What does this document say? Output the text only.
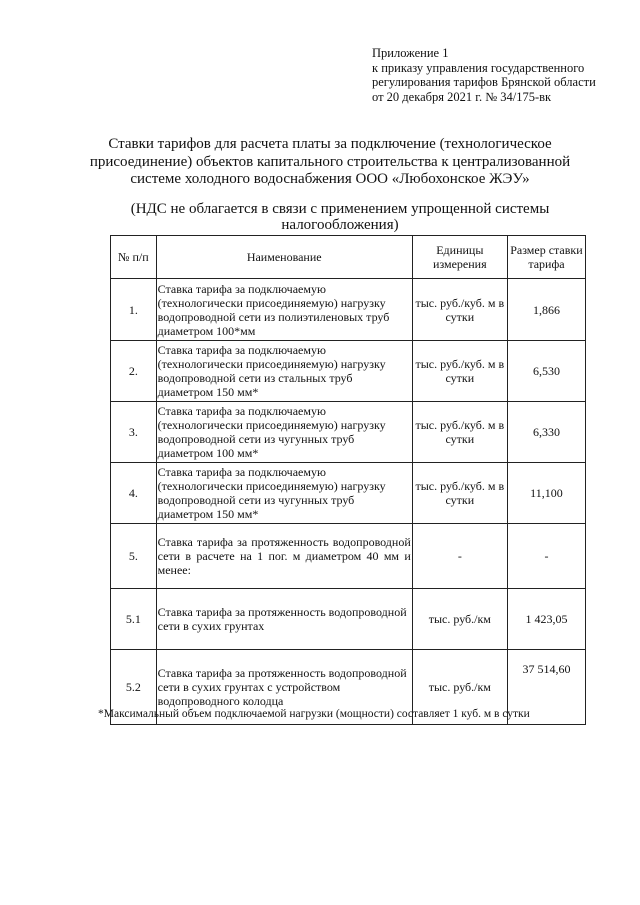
Приложение 1
к приказу управления государственного
регулирования тарифов Брянской области
от 20 декабря 2021 г. № 34/175-вк
Ставки тарифов для расчета платы за подключение (технологическое
присоединение) объектов капитального строительства к централизованной
системе холодного водоснабжения ООО «Любохонское ЖЭУ»
(НДС не облагается в связи с применением упрощенной системы
налогообложения)
№ п/п	Наименование	Единицы измерения	Размер ставки тарифа
1.	Ставка тарифа за подключаемую (технологически присоединяемую) нагрузку водопроводной сети из полиэтиленовых труб диаметром 100*мм	тыс. руб./куб. м в сутки	1,866
2.	Ставка тарифа за подключаемую (технологически присоединяемую) нагрузку водопроводной сети из стальных труб диаметром 150 мм*	тыс. руб./куб. м в сутки	6,530
3.	Ставка тарифа за подключаемую (технологически присоединяемую) нагрузку водопроводной сети из чугунных труб диаметром 100 мм*	тыс. руб./куб. м в сутки	6,330
4.	Ставка тарифа за подключаемую (технологически присоединяемую) нагрузку водопроводной сети из чугунных труб диаметром 150 мм*	тыс. руб./куб. м в сутки	11,100
5.	Ставка тарифа за протяженность водопроводной сети в расчете на 1 пог. м диаметром 40 мм и менее:	-	-
5.1	Ставка тарифа за протяженность водопроводной сети в сухих грунтах	тыс. руб./км	1 423,05
5.2	Ставка тарифа за протяженность водопроводной сети в сухих грунтах с устройством водопроводного колодца	тыс. руб./км	37 514,60
*Максимальный объем подключаемой нагрузки (мощности) составляет 1 куб. м в сутки
